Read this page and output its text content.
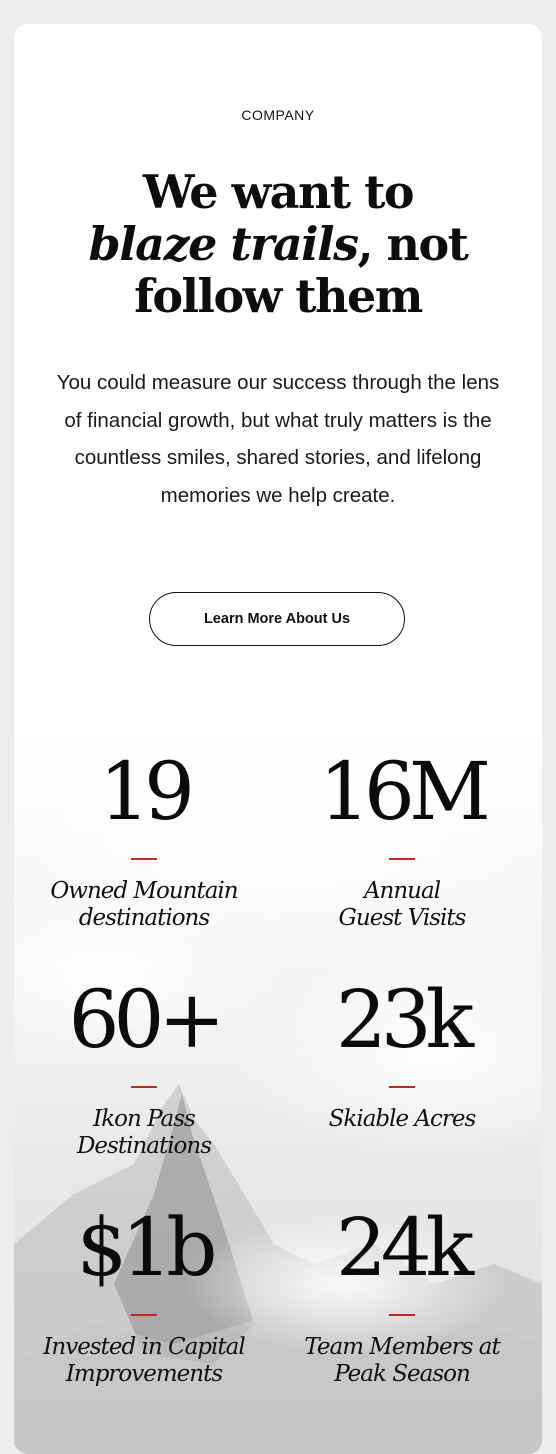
COMPANY
We want to
blaze trails, not
follow them

You could measure our success through the lens of financial growth, but what truly matters is the countless smiles, shared stories, and lifelong memories we help create.

Learn More About Us
19
Owned Mountain destinations
16M
Annual Guest Visits
60+
Ikon Pass Destinations
23k
Skiable Acres
$1b
Invested in Capital Improvements
24k
Team Members at Peak Season
